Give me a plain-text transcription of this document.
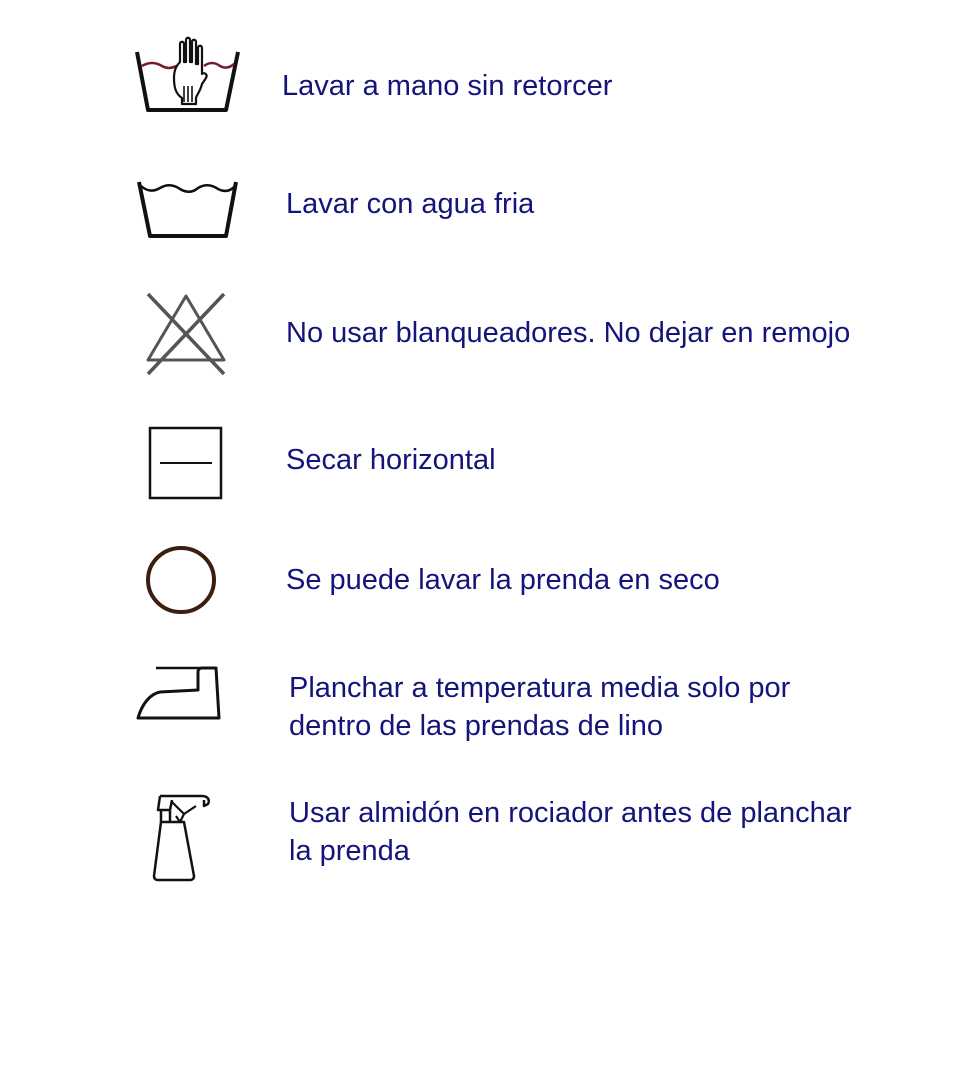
Lavar a mano sin retorcer

Lavar con agua fria

No usar blanqueadores. No dejar en remojo

Secar horizontal

Se puede lavar la prenda en seco

Planchar a temperatura media solo por
dentro de las prendas de lino

Usar almidón en rociador antes de planchar
la prenda
